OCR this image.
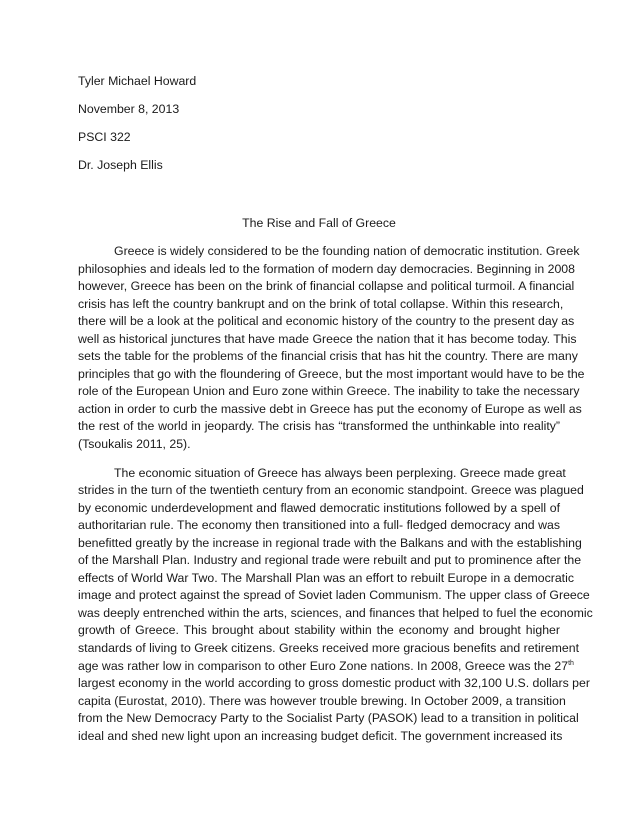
Tyler Michael Howard
November 8, 2013
PSCI 322
Dr. Joseph Ellis
The Rise and Fall of Greece
Greece is widely considered to be the founding nation of democratic institution. Greek
philosophies and ideals led to the formation of modern day democracies. Beginning in 2008
however, Greece has been on the brink of financial collapse and political turmoil. A financial
crisis has left the country bankrupt and on the brink of total collapse. Within this research,
there will be a look at the political and economic history of the country to the present day as
well as historical junctures that have made Greece the nation that it has become today. This
sets the table for the problems of the financial crisis that has hit the country. There are many
principles that go with the floundering of Greece, but the most important would have to be the
role of the European Union and Euro zone within Greece. The inability to take the necessary
action in order to curb the massive debt in Greece has put the economy of Europe as well as
the rest of the world in jeopardy. The crisis has “transformed the unthinkable into reality”
(Tsoukalis 2011, 25).
The economic situation of Greece has always been perplexing. Greece made great
strides in the turn of the twentieth century from an economic standpoint. Greece was plagued
by economic underdevelopment and flawed democratic institutions followed by a spell of
authoritarian rule. The economy then transitioned into a full- fledged democracy and was
benefitted greatly by the increase in regional trade with the Balkans and with the establishing
of the Marshall Plan. Industry and regional trade were rebuilt and put to prominence after the
effects of World War Two. The Marshall Plan was an effort to rebuilt Europe in a democratic
image and protect against the spread of Soviet laden Communism. The upper class of Greece
was deeply entrenched within the arts, sciences, and finances that helped to fuel the economic
growth of Greece. This brought about stability within the economy and brought higher
standards of living to Greek citizens. Greeks received more gracious benefits and retirement
age was rather low in comparison to other Euro Zone nations. In 2008, Greece was the 27th
largest economy in the world according to gross domestic product with 32,100 U.S. dollars per
capita (Eurostat, 2010). There was however trouble brewing. In October 2009, a transition
from the New Democracy Party to the Socialist Party (PASOK) lead to a transition in political
ideal and shed new light upon an increasing budget deficit. The government increased its
